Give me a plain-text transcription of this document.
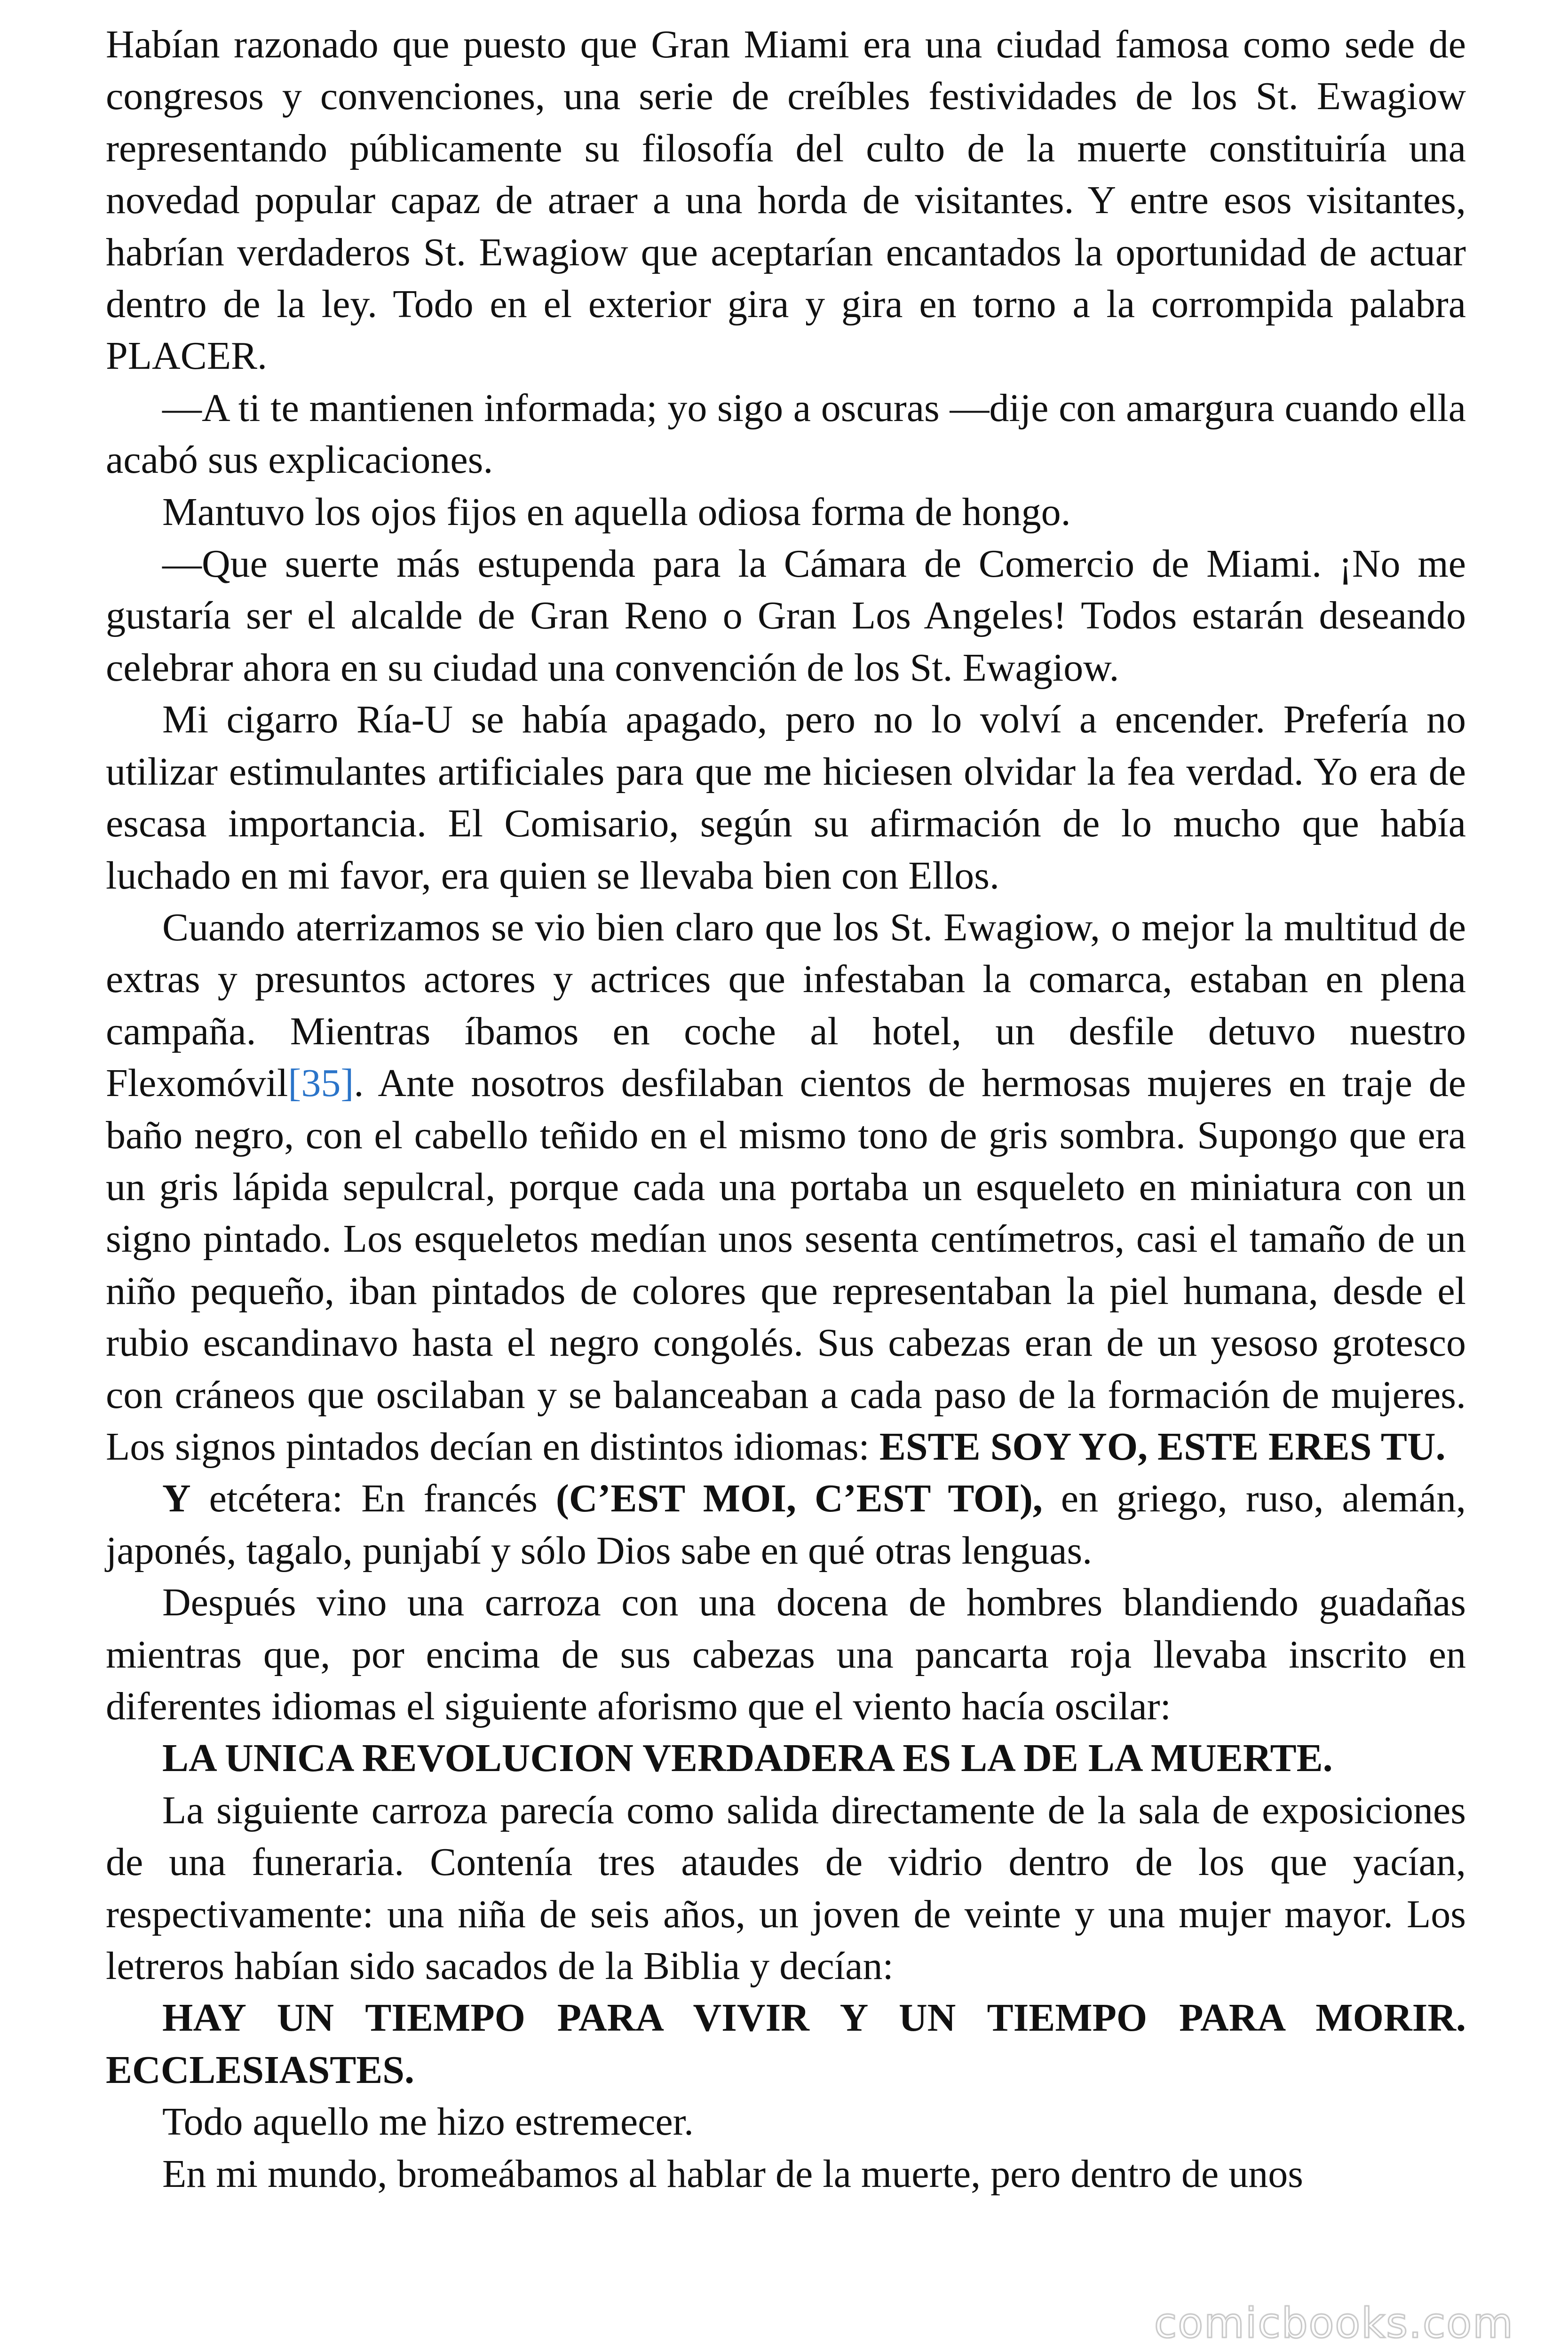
Habían razonado que puesto que Gran Miami era una ciudad famosa como sede de congresos y convenciones, una serie de creíbles festividades de los St. Ewagiow representando públicamente su filosofía del culto de la muerte constituiría una novedad popular capaz de atraer a una horda de visitantes. Y entre esos visitantes, habrían verdaderos St. Ewagiow que aceptarían encantados la oportunidad de actuar dentro de la ley. Todo en el exterior gira y gira en torno a la corrompida palabra PLACER.

—A ti te mantienen informada; yo sigo a oscuras —dije con amargura cuando ella acabó sus explicaciones.

Mantuvo los ojos fijos en aquella odiosa forma de hongo.

—Que suerte más estupenda para la Cámara de Comercio de Miami. ¡No me gustaría ser el alcalde de Gran Reno o Gran Los Angeles! Todos estarán deseando celebrar ahora en su ciudad una convención de los St. Ewagiow.

Mi cigarro Ría-U se había apagado, pero no lo volví a encender. Prefería no utilizar estimulantes artificiales para que me hiciesen olvidar la fea verdad. Yo era de escasa importancia. El Comisario, según su afirmación de lo mucho que había luchado en mi favor, era quien se llevaba bien con Ellos.

Cuando aterrizamos se vio bien claro que los St. Ewagiow, o mejor la multitud de extras y presuntos actores y actrices que infestaban la comarca, estaban en plena campaña. Mientras íbamos en coche al hotel, un desfile detuvo nuestro Flexomóvil[35]. Ante nosotros desfilaban cientos de hermosas mujeres en traje de baño negro, con el cabello teñido en el mismo tono de gris sombra. Supongo que era un gris lápida sepulcral, porque cada una portaba un esqueleto en miniatura con un signo pintado. Los esqueletos medían unos sesenta centímetros, casi el tamaño de un niño pequeño, iban pintados de colores que representaban la piel humana, desde el rubio escandinavo hasta el negro congolés. Sus cabezas eran de un yesoso grotesco con cráneos que oscilaban y se balanceaban a cada paso de la formación de mujeres. Los signos pintados decían en distintos idiomas: ESTE SOY YO, ESTE ERES TU.

Y etcétera: En francés (C’EST MOI, C’EST TOI), en griego, ruso, alemán, japonés, tagalo, punjabí y sólo Dios sabe en qué otras lenguas.

Después vino una carroza con una docena de hombres blandiendo guadañas mientras que, por encima de sus cabezas una pancarta roja llevaba inscrito en diferentes idiomas el siguiente aforismo que el viento hacía oscilar:

LA UNICA REVOLUCION VERDADERA ES LA DE LA MUERTE.

La siguiente carroza parecía como salida directamente de la sala de exposiciones de una funeraria. Contenía tres ataudes de vidrio dentro de los que yacían, respectivamente: una niña de seis años, un joven de veinte y una mujer mayor. Los letreros habían sido sacados de la Biblia y decían:

HAY UN TIEMPO PARA VIVIR Y UN TIEMPO PARA MORIR. ECCLESIASTES.

Todo aquello me hizo estremecer.

En mi mundo, bromeábamos al hablar de la muerte, pero dentro de unos

comicbooks.com
